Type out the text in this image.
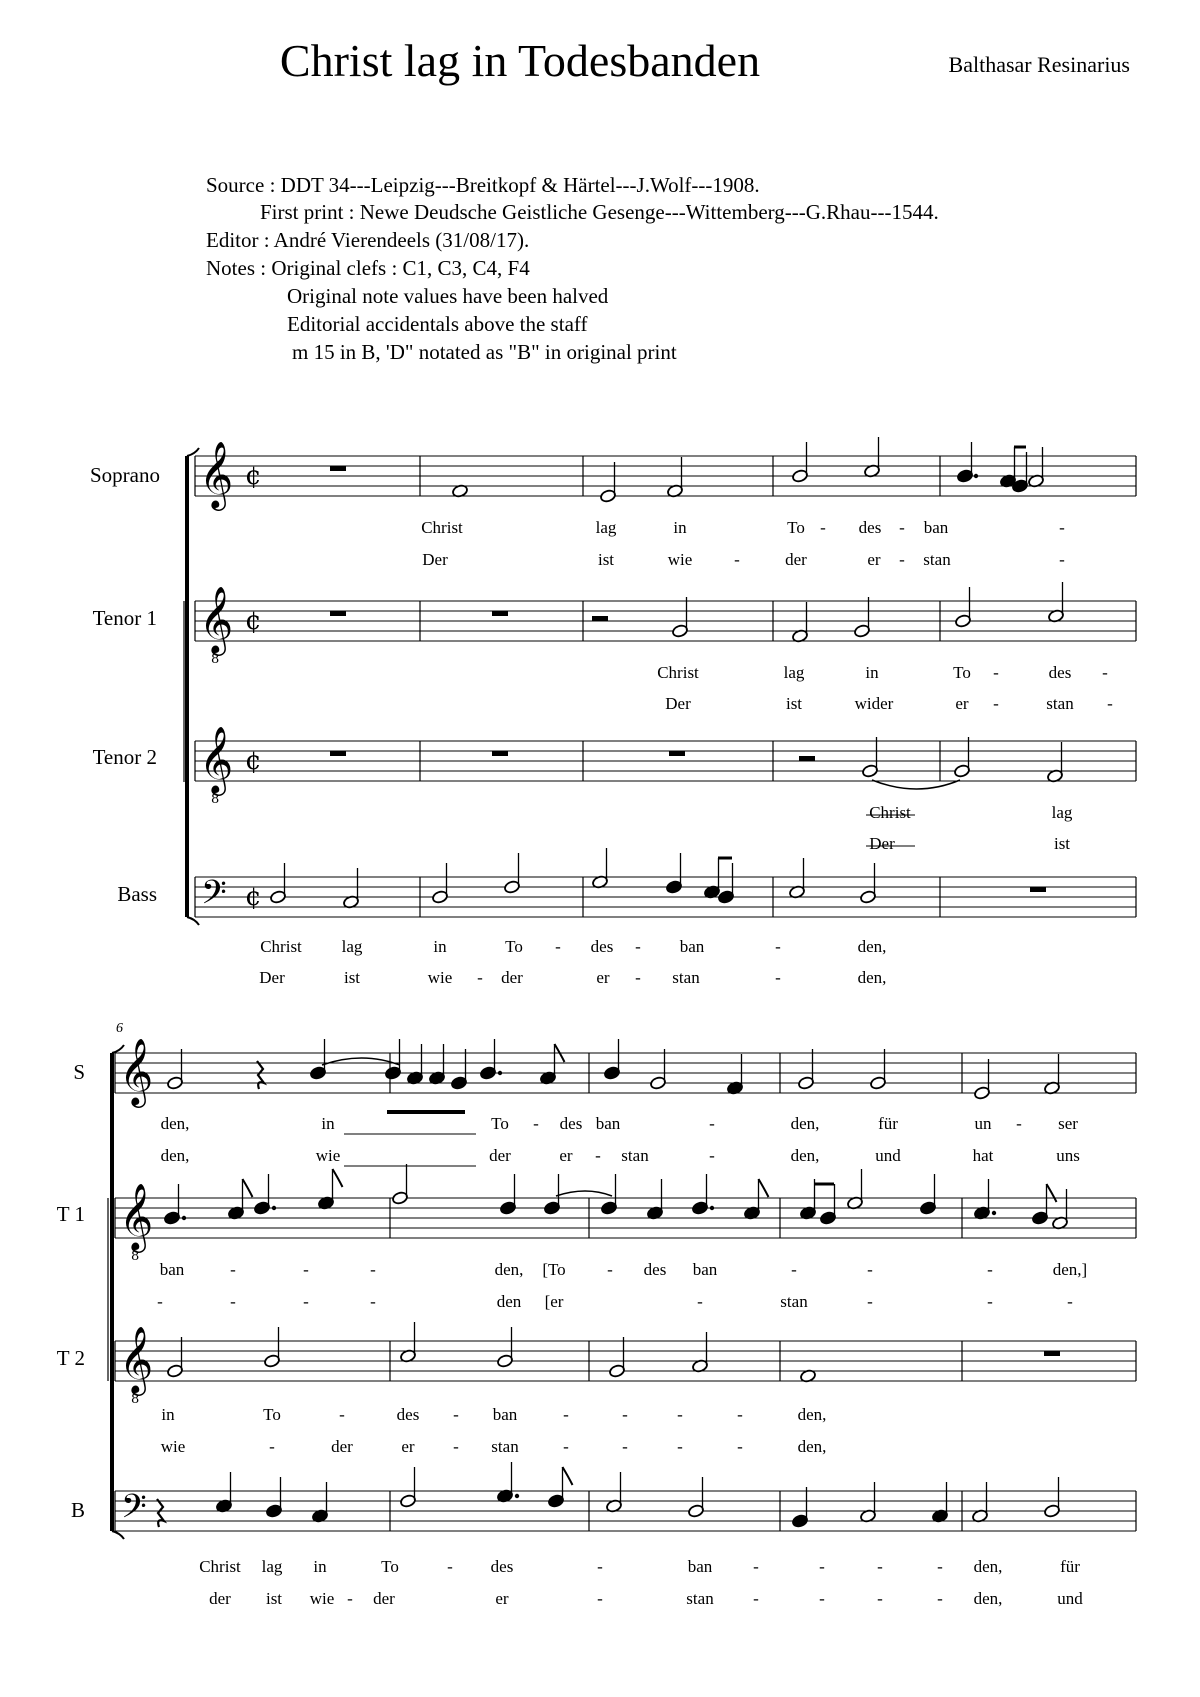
Christ lag in Todesbanden	Balthasar Resinarius
Source : DDT 34---Leipzig---Breitkopf & Härtel---J.Wolf---1908.
First print : Newe Deudsche Geistliche Gesenge---Wittemberg---G.Rhau---1544.
Editor : André Vierendeels (31/08/17).
Notes : Original clefs : C1, C3, C4, F4
Original note values have been halved
Editorial accidentals above the staff
m 15 in B, 'D" notated as "B" in original print
Soprano
Tenor 1
Tenor 2
Bass
S
T 1
T 2
B
6
𝄞 ¢
𝄞
8
¢
𝄞
8
¢
𝄢 ¢
𝄞
𝄞
8
𝄞
8
𝄢
Christ	lag	in	To - des - ban	-
Der	ist	wie -	der	er - stan	-
Christ	lag	in	To -	des -
Der	ist	wider	er -	stan -
Christ	lag
Der	ist
Christ lag	in	To - des - ban	-	den,
Der	ist	wie - der	er - stan	-	den,
den,	in	To - des ban	-	den,	für	un - ser
den,	wie	der	er - stan	-	den,	und	hat	uns
ban	-	-	-	den, [To - des ban	-	-	-	den,]
-	-	-	-	den [er	-	stan	-	-	-
in	To	-	des - ban	-	-	-	-	den,
wie	-	der	er - stan	-	-	-	-	den,
Christ lag in	To	- des	-	ban -	-	-	- den,	für
der ist wie - der	er	-	stan -	-	-	- den,	und
